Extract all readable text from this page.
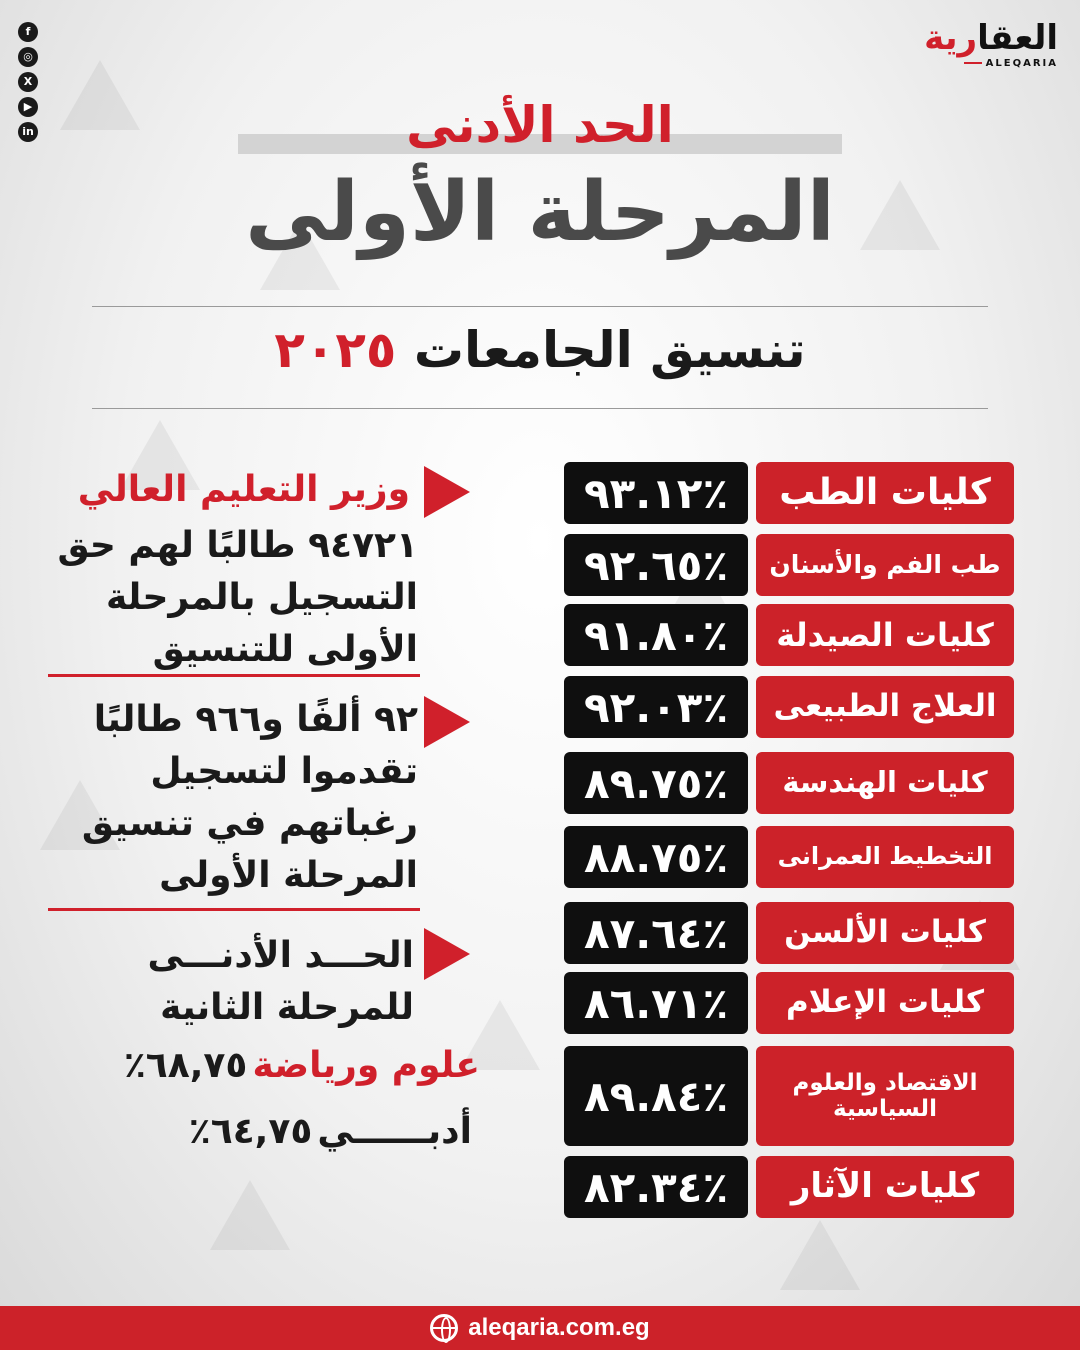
f
◎
X
▶
in
العقارية
ALEQARIA
الحد الأدنى
المرحلة الأولى
تنسيق الجامعات ٢٠٢٥
٪٩٣.١٢	كليات الطب
٪٩٢.٦٥	طب الفم والأسنان
٪٩١.٨٠	كليات الصيدلة
٪٩٢.٠٣	العلاج الطبيعى
٪٨٩.٧٥	كليات الهندسة
٪٨٨.٧٥	التخطيط العمرانى
٪٨٧.٦٤	كليات الألسن
٪٨٦.٧١	كليات الإعلام
٪٨٩.٨٤	الاقتصاد والعلوم السياسية
٪٨٢.٣٤	كليات الآثار
وزير التعليم العالي
٩٤٧٢١ طالبًا لهم حق التسجيل بالمرحلة الأولى للتنسيق
٩٢ ألفًا و٩٦٦ طالبًا تقدموا لتسجيل رغباتهم في تنسيق المرحلة الأولى
الحـــد الأدنـــى للمرحلة الثانية
علوم ورياضة ٦٨,٧٥٪
أدبــــــي ٦٤,٧٥٪
aleqaria.com.eg
